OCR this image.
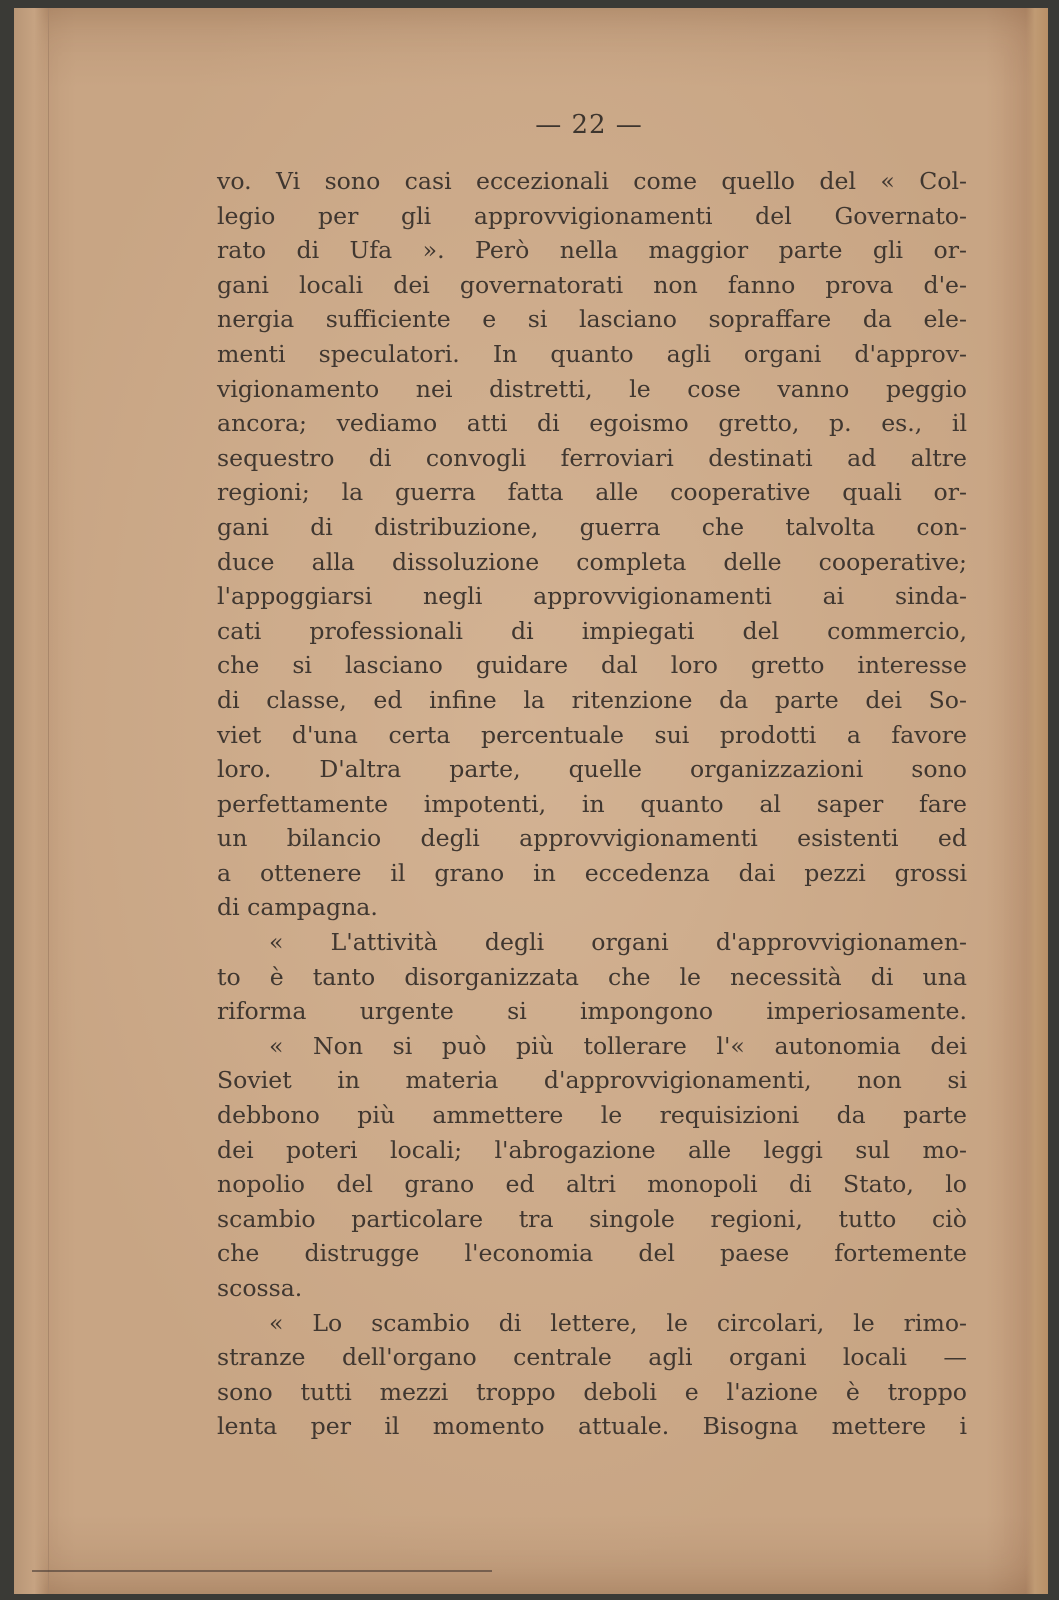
— 22 —
vo. Vi sono casi eccezionali come quello del « Col-
legio per gli approvvigionamenti del Governato-
rato di Ufa ». Però nella maggior parte gli or-
gani locali dei governatorati non fanno prova d'e-
nergia sufficiente e si lasciano sopraffare da ele-
menti speculatori. In quanto agli organi d'approv-
vigionamento nei distretti, le cose vanno peggio
ancora; vediamo atti di egoismo gretto, p. es., il
sequestro di convogli ferroviari destinati ad altre
regioni; la guerra fatta alle cooperative quali or-
gani di distribuzione, guerra che talvolta con-
duce alla dissoluzione completa delle cooperative;
l'appoggiarsi negli approvvigionamenti ai sinda-
cati professionali di impiegati del commercio,
che si lasciano guidare dal loro gretto interesse
di classe, ed infine la ritenzione da parte dei So-
viet d'una certa percentuale sui prodotti a favore
loro. D'altra parte, quelle organizzazioni sono
perfettamente impotenti, in quanto al saper fare
un bilancio degli approvvigionamenti esistenti ed
a ottenere il grano in eccedenza dai pezzi grossi
di campagna.
« L'attività degli organi d'approvvigionamen-
to è tanto disorganizzata che le necessità di una
riforma urgente si impongono imperiosamente.
« Non si può più tollerare l'« autonomia dei
Soviet in materia d'approvvigionamenti, non si
debbono più ammettere le requisizioni da parte
dei poteri locali; l'abrogazione alle leggi sul mo-
nopolio del grano ed altri monopoli di Stato, lo
scambio particolare tra singole regioni, tutto ciò
che distrugge l'economia del paese fortemente
scossa.
« Lo scambio di lettere, le circolari, le rimo-
stranze dell'organo centrale agli organi locali —
sono tutti mezzi troppo deboli e l'azione è troppo
lenta per il momento attuale. Bisogna mettere i
